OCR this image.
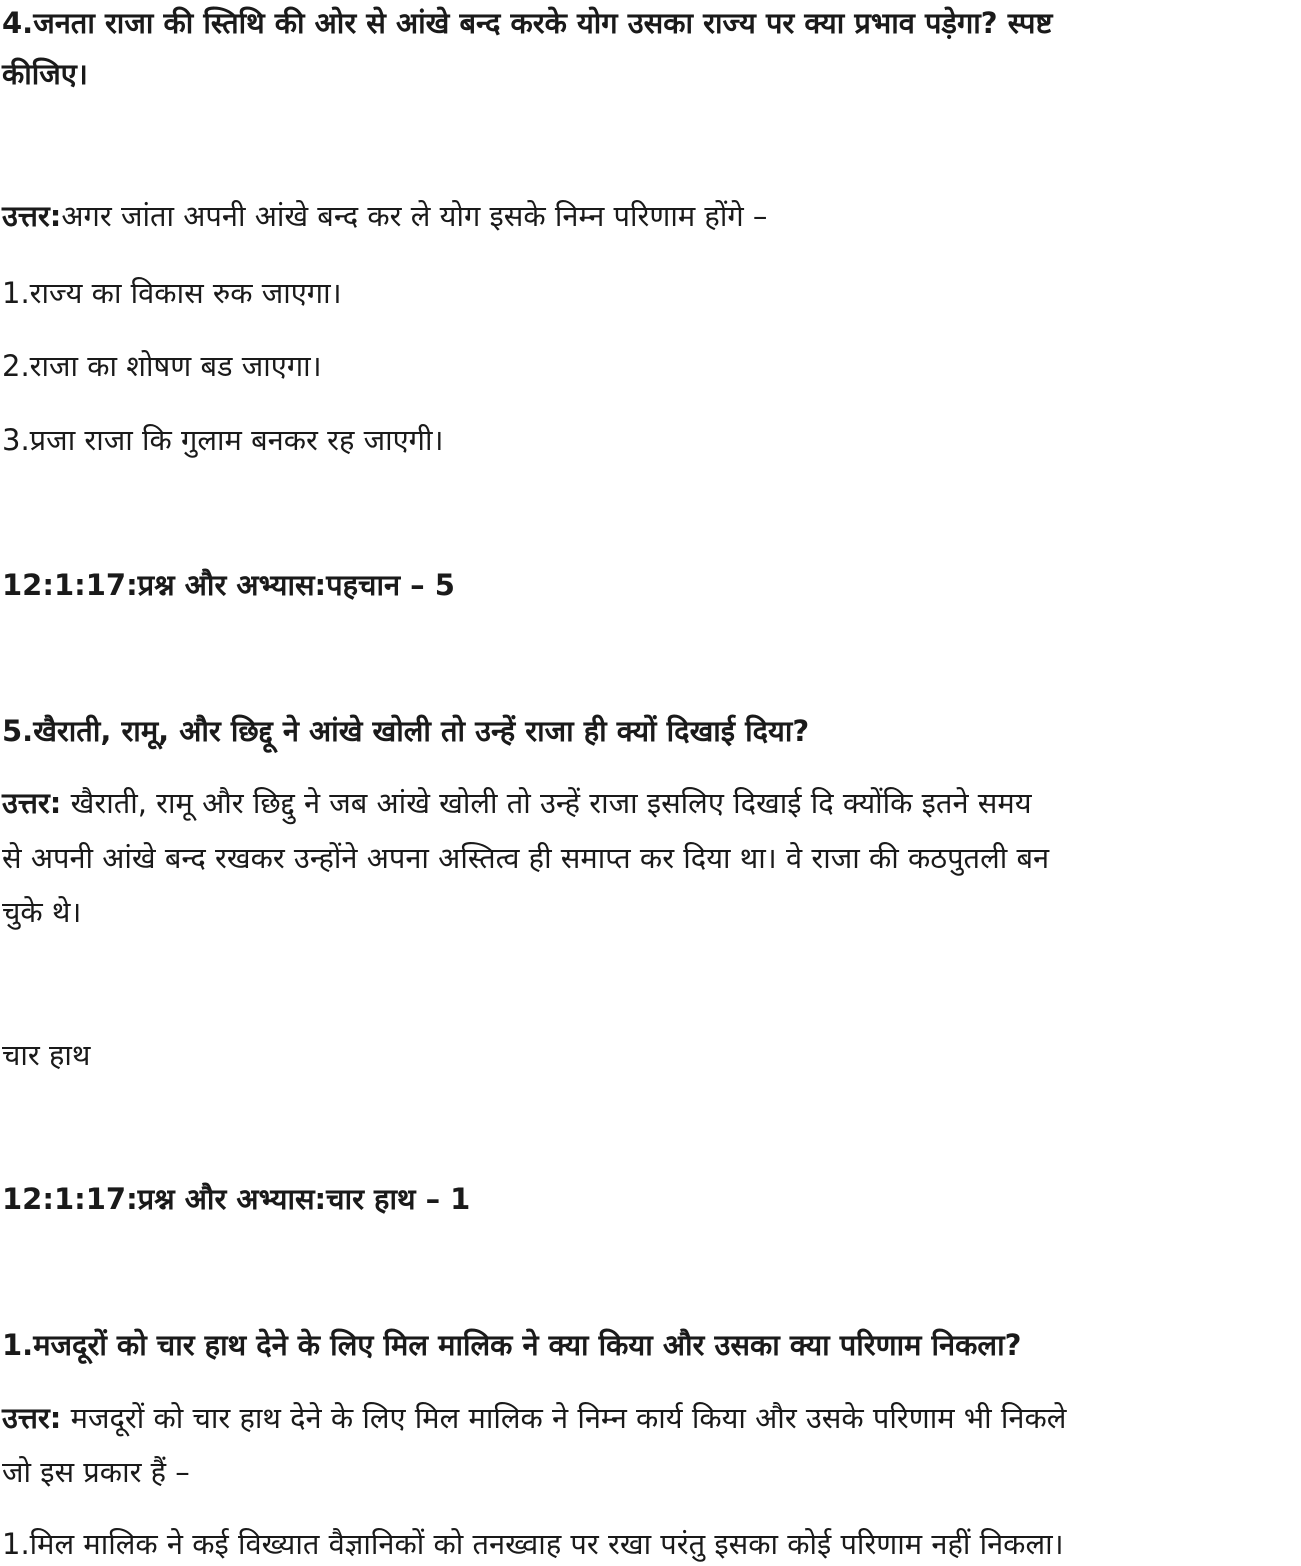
4.जनता राजा की स्तिथि की ओर से आंखे बन्द करके योग उसका राज्य पर क्या प्रभाव पड़ेगा? स्पष्ट
कीजिए।
उत्तर:अगर जांता अपनी आंखे बन्द कर ले योग इसके निम्न परिणाम होंगे –
1.राज्य का विकास रुक जाएगा।
2.राजा का शोषण बड जाएगा।
3.प्रजा राजा कि गुलाम बनकर रह जाएगी।
12:1:17:प्रश्न और अभ्यास:पहचान – 5
5.खैराती, रामू, और छिद्दू ने आंखे खोली तो उन्हें राजा ही क्यों दिखाई दिया?
उत्तर: खैराती, रामू और छिद्दु ने जब आंखे खोली तो उन्हें राजा इसलिए दिखाई दि क्योंकि इतने समय
से अपनी आंखे बन्द रखकर उन्होंने अपना अस्तित्व ही समाप्त कर दिया था। वे राजा की कठपुतली बन
चुके थे।
चार हाथ
12:1:17:प्रश्न और अभ्यास:चार हाथ – 1
1.मजदूरों को चार हाथ देने के लिए मिल मालिक ने क्या किया और उसका क्या परिणाम निकला?
उत्तर: मजदूरों को चार हाथ देने के लिए मिल मालिक ने निम्न कार्य किया और उसके परिणाम भी निकले
जो इस प्रकार हैं –
1.मिल मालिक ने कई विख्यात वैज्ञानिकों को तनख्वाह पर रखा परंतु इसका कोई परिणाम नहीं निकला।
